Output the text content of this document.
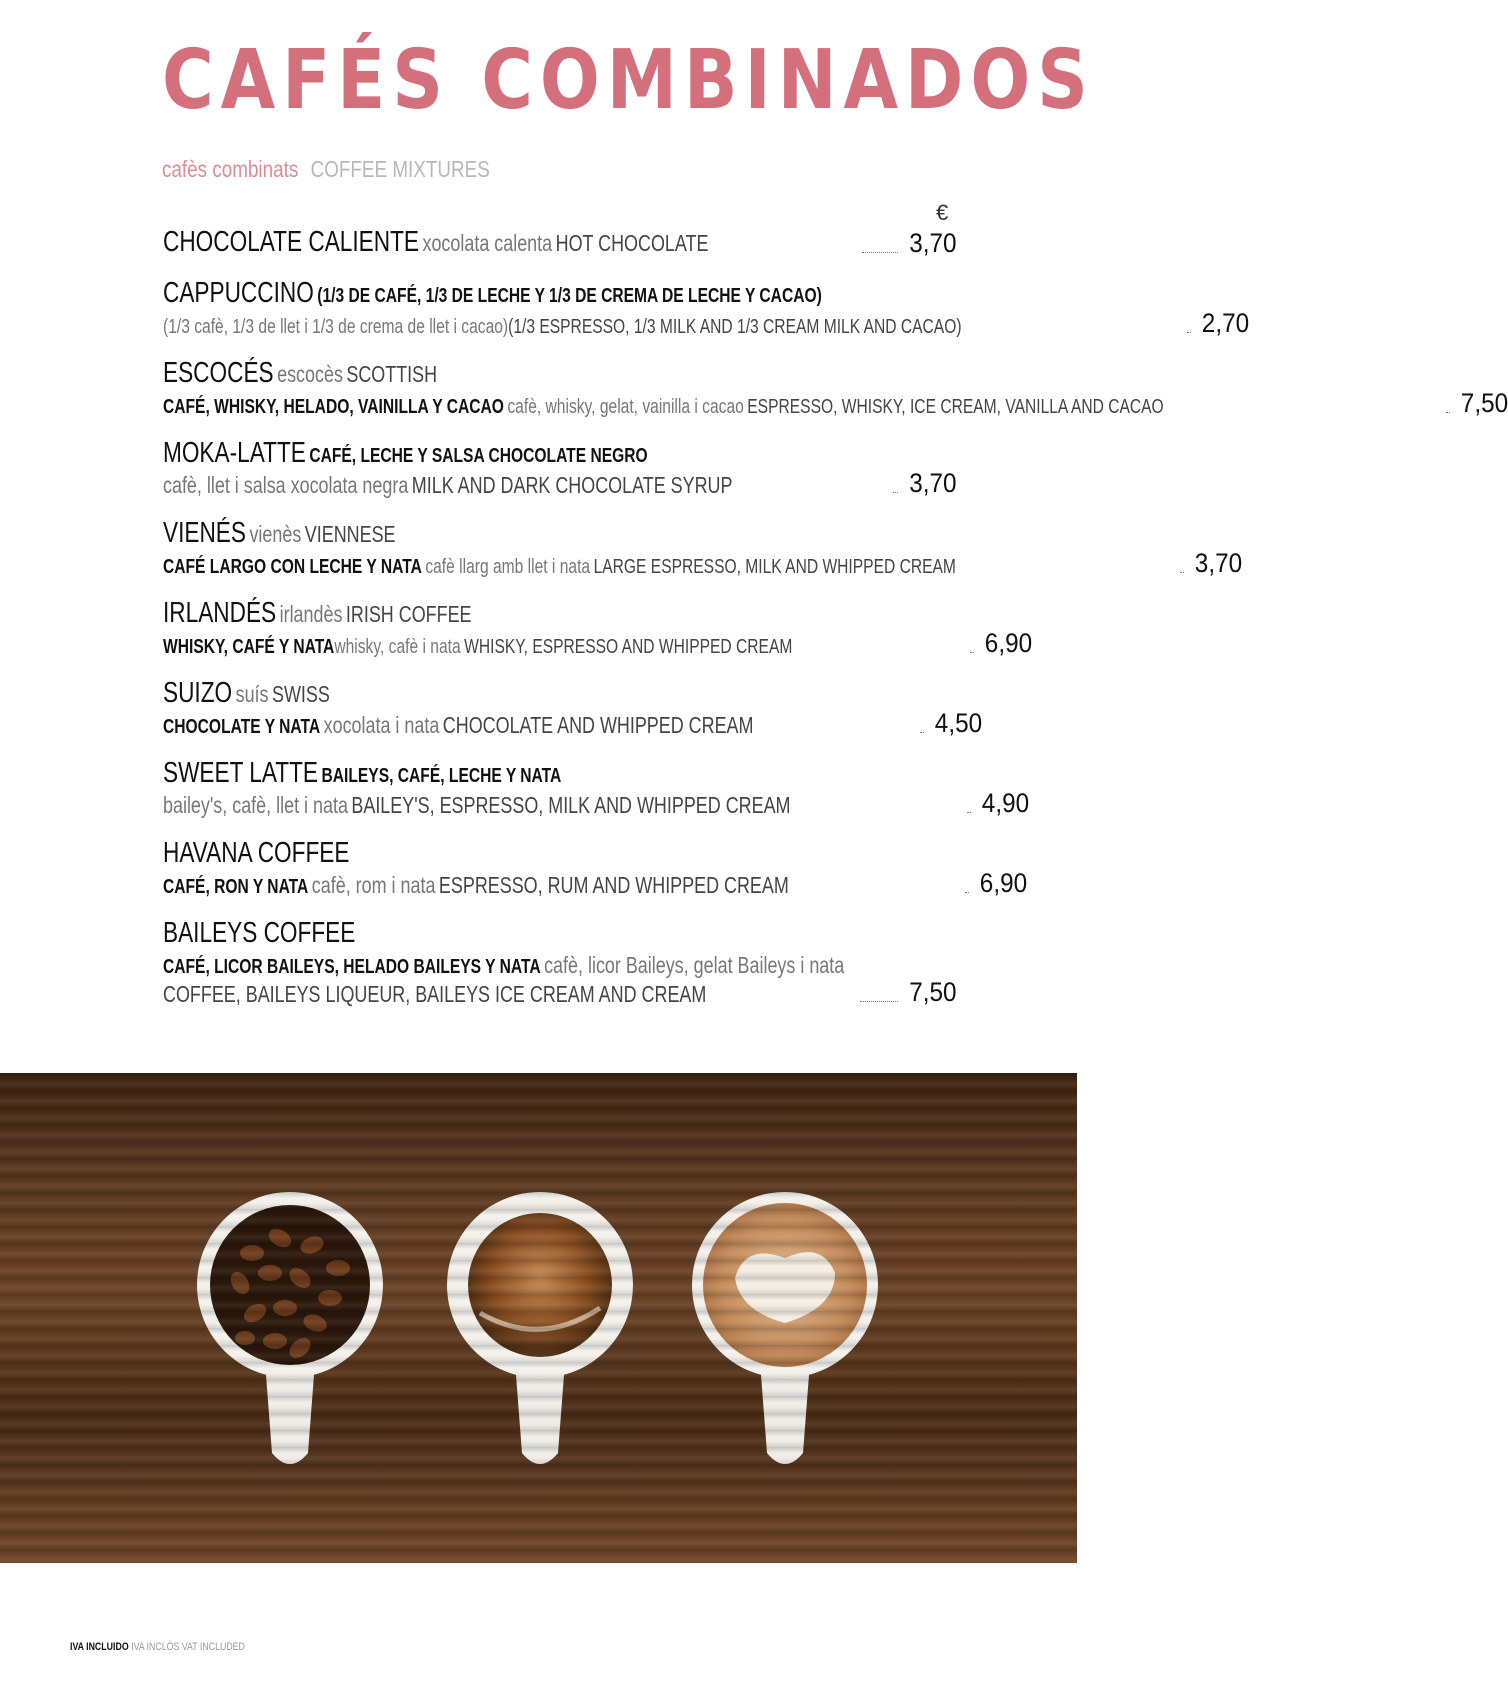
CAFÉS COMBINADOS
cafès combinats COFFEE MIXTURES
€
CHOCOLATE CALIENTE xocolata calenta HOT CHOCOLATE	3,70
CAPPUCCINO (1/3 DE CAFÉ, 1/3 DE LECHE Y 1/3 DE CREMA DE LECHE Y CACAO)
(1/3 cafè, 1/3 de llet i 1/3 de crema de llet i cacao)(1/3 ESPRESSO, 1/3 MILK AND 1/3 CREAM MILK AND CACAO)	2,70
ESCOCÉS escocès SCOTTISH
CAFÉ, WHISKY, HELADO, VAINILLA Y CACAO cafè, whisky, gelat, vainilla i cacao ESPRESSO, WHISKY, ICE CREAM, VANILLA AND CACAO	7,50
MOKA-LATTE CAFÉ, LECHE Y SALSA CHOCOLATE NEGRO
cafè, llet i salsa xocolata negra MILK AND DARK CHOCOLATE SYRUP	3,70
VIENÉS vienès VIENNESE
CAFÉ LARGO CON LECHE Y NATA cafè llarg amb llet i nata LARGE ESPRESSO, MILK AND WHIPPED CREAM	3,70
IRLANDÉS irlandès IRISH COFFEE
WHISKY, CAFÉ Y NATAwhisky, cafè i nata WHISKY, ESPRESSO AND WHIPPED CREAM	6,90
SUIZO suís SWISS
CHOCOLATE Y NATA xocolata i nata CHOCOLATE AND WHIPPED CREAM	4,50
SWEET LATTE BAILEYS, CAFÉ, LECHE Y NATA
bailey's, cafè, llet i nata BAILEY'S, ESPRESSO, MILK AND WHIPPED CREAM	4,90
HAVANA COFFEE
CAFÉ, RON Y NATA cafè, rom i nata ESPRESSO, RUM AND WHIPPED CREAM	6,90
BAILEYS COFFEE
CAFÉ, LICOR BAILEYS, HELADO BAILEYS Y NATA cafè, licor Baileys, gelat Baileys i nata
COFFEE, BAILEYS LIQUEUR, BAILEYS ICE CREAM AND CREAM	7,50
IVA INCLUIDO IVA INCLÒS VAT INCLUDED
